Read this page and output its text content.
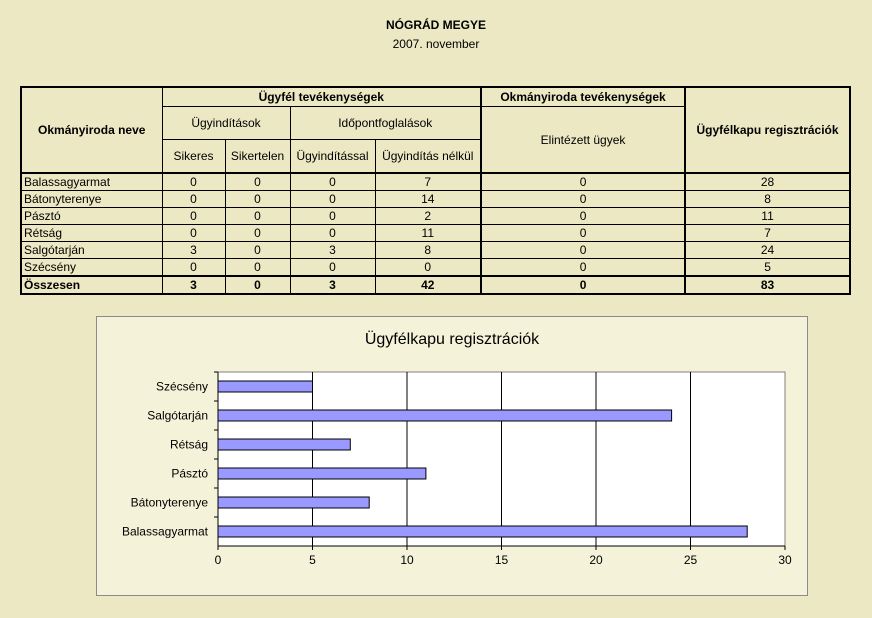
NÓGRÁD MEGYE
2007. november
Okmányiroda neve	Ügyfél tevékenységek				Okmányiroda tevékenységek	Ügyfélkapu regisztrációk
	Ügyindítások		Időpontfoglalások		Elintézett ügyek	
	Sikeres	Sikertelen	Ügyindítással	Ügyindítás nélkül		
Balassagyarmat	0	0	0	7	0	28
Bátonyterenye	0	0	0	14	0	8
Pásztó	0	0	0	2	0	11
Rétság	0	0	0	11	0	7
Salgótarján	3	0	3	8	0	24
Szécsény	0	0	0	0	0	5
Összesen	3	0	3	42	0	83
Ügyfélkapu regisztrációk
0	5	10	15	20	25	30
Szécsény
Salgótarján
Rétság
Pásztó
Bátonyterenye
Balassagyarmat
